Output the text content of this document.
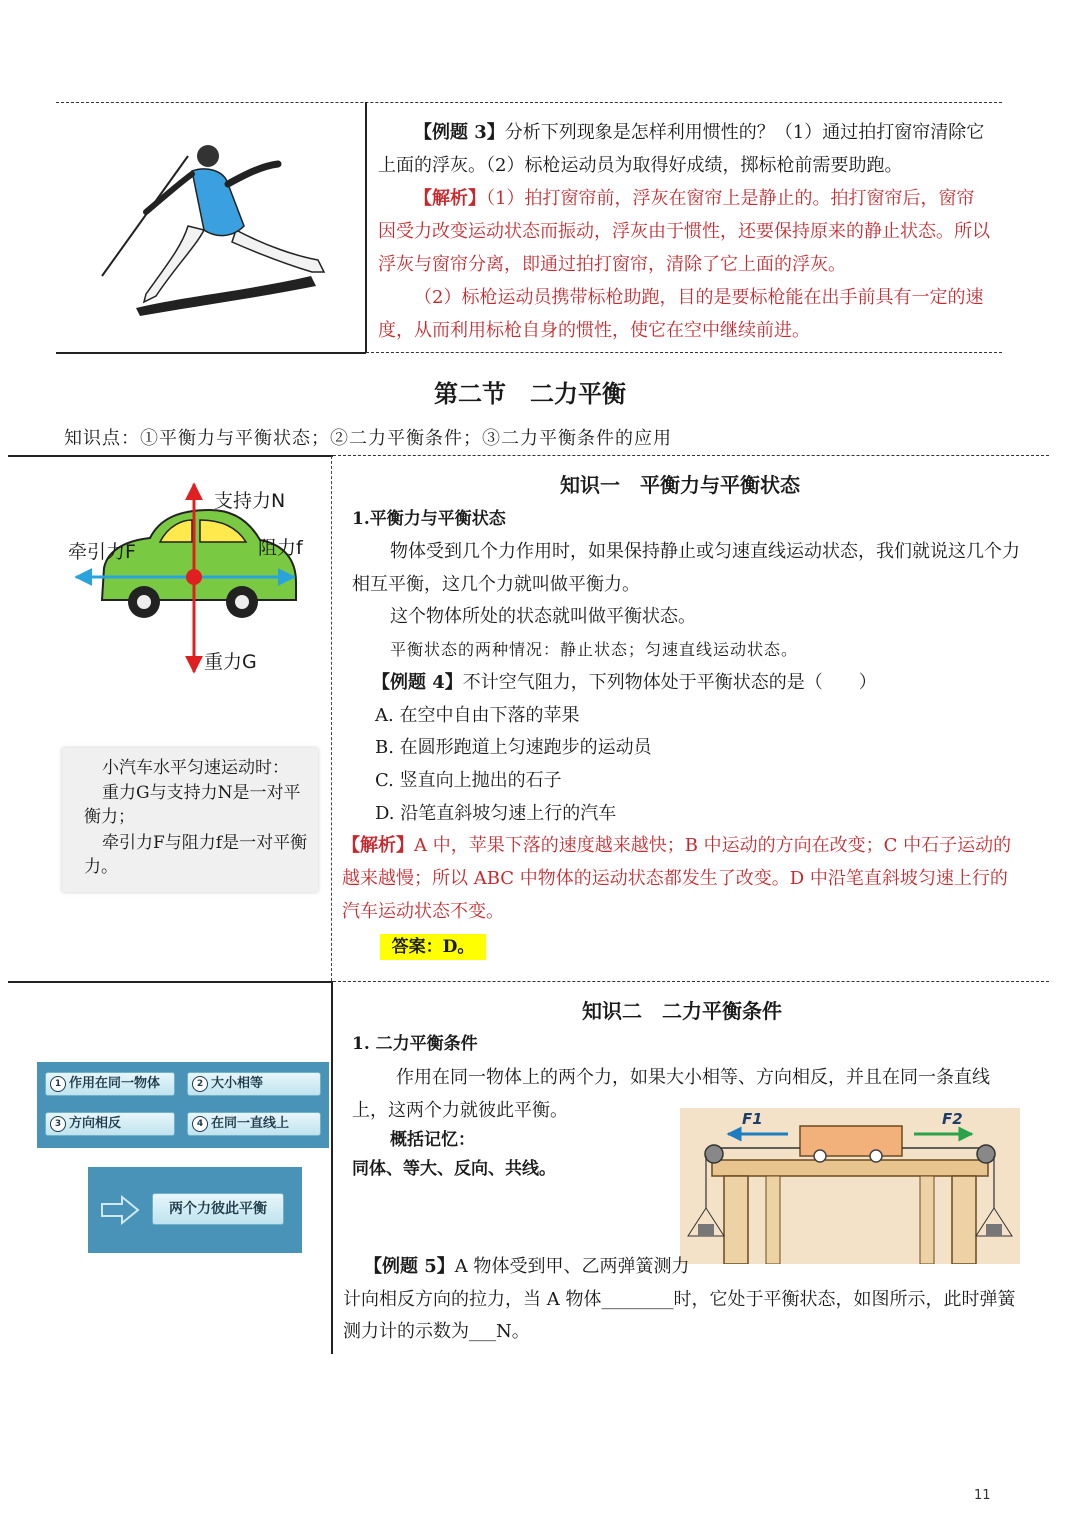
【例题 3】分析下列现象是怎样利用惯性的？（1）通过拍打窗帘清除它上面的浮灰。（2）标枪运动员为取得好成绩，掷标枪前需要助跑。
【解析】（1）拍打窗帘前，浮灰在窗帘上是静止的。拍打窗帘后，窗帘因受力改变运动状态而振动，浮灰由于惯性，还要保持原来的静止状态。所以浮灰与窗帘分离，即通过拍打窗帘，清除了它上面的浮灰。
（2）标枪运动员携带标枪助跑，目的是要标枪能在出手前具有一定的速度，从而利用标枪自身的惯性，使它在空中继续前进。
第二节　二力平衡
知识点：①平衡力与平衡状态；②二力平衡条件；③二力平衡条件的应用
支持力N
牵引力F	阻力f
重力G
小汽车水平匀速运动时：
重力G与支持力N是一对平衡力；
牵引力F与阻力f是一对平衡力。
知识一　平衡力与平衡状态
1.平衡力与平衡状态
物体受到几个力作用时，如果保持静止或匀速直线运动状态，我们就说这几个力相互平衡，这几个力就叫做平衡力。
这个物体所处的状态就叫做平衡状态。
平衡状态的两种情况：静止状态；匀速直线运动状态。
【例题 4】不计空气阻力，下列物体处于平衡状态的是（　　）
A. 在空中自由下落的苹果
B. 在圆形跑道上匀速跑步的运动员
C. 竖直向上抛出的石子
D. 沿笔直斜坡匀速上行的汽车
【解析】A 中，苹果下落的速度越来越快；B 中运动的方向在改变；C 中石子运动的越来越慢；所以 ABC 中物体的运动状态都发生了改变。D 中沿笔直斜坡匀速上行的汽车运动状态不变。
答案：D。
1 作用在同一物体	2 大小相等
3 方向相反	4 在同一直线上
两个力彼此平衡
知识二　二力平衡条件
1. 二力平衡条件
作用在同一物体上的两个力，如果大小相等、方向相反，并且在同一条直线上，这两个力就彼此平衡。
概括记忆：
同体、等大、反向、共线。
F1	F2
【例题 5】A 物体受到甲、乙两弹簧测力
计向相反方向的拉力，当 A 物体________时，它处于平衡状态，如图所示，此时弹簧
测力计的示数为___N。
11
